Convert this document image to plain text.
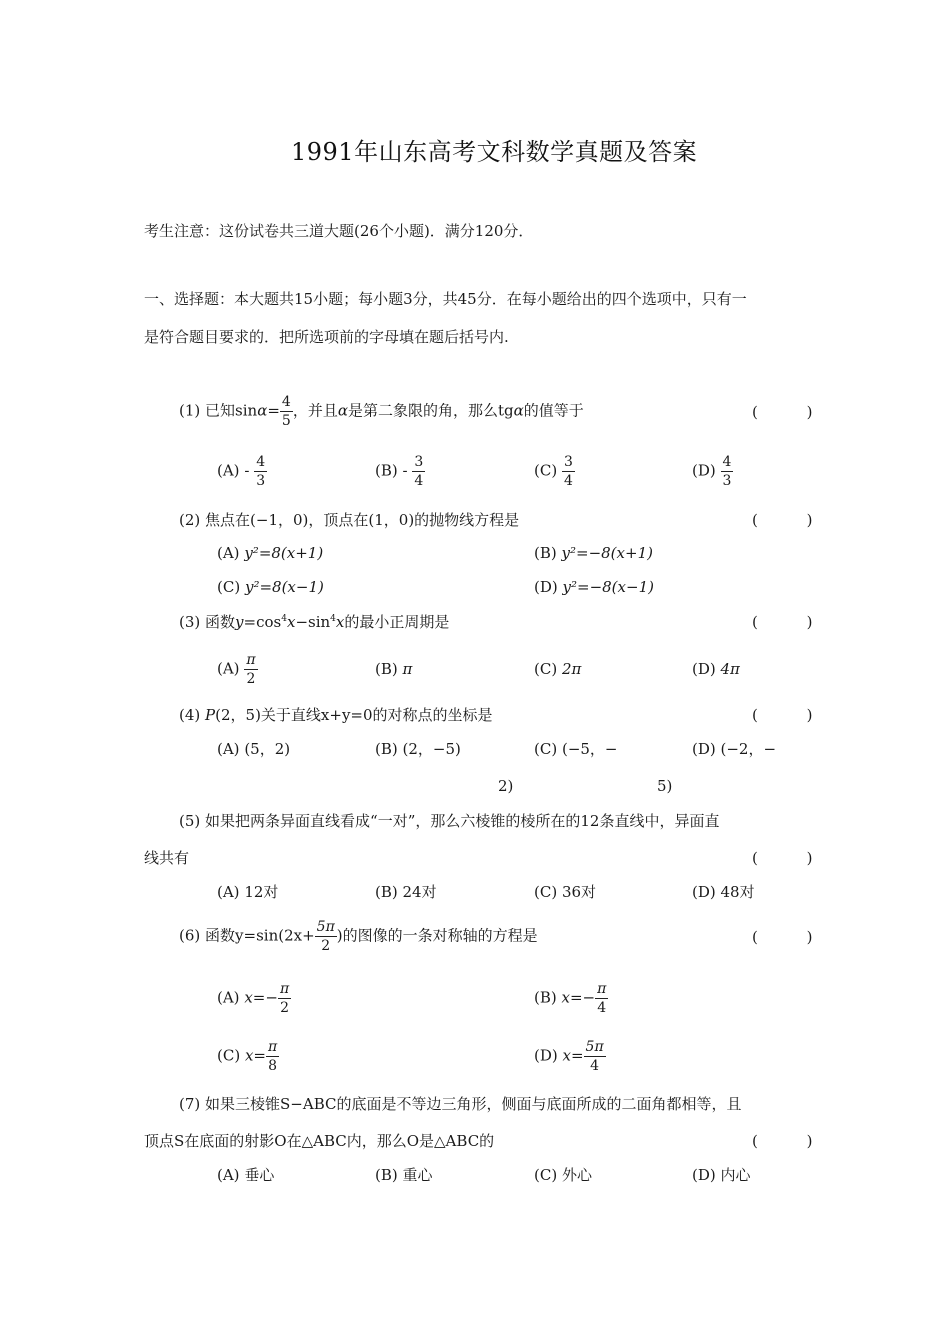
1991年山东高考文科数学真题及答案
考生注意：这份试卷共三道大题(26个小题)．满分120分．
一、选择题：本大题共15小题；每小题3分，共45分．在每小题给出的四个选项中，只有一
是符合题目要求的．把所选项前的字母填在题后括号内.
(1) 已知$\sin\alpha= \frac{4}{5}$ ，并且α是第二象限的角，那么tgα的值等于	( )
$(A) - \frac{4}{3}$	$(B) - \frac{3}{4}$	$(C) \frac{3}{4}$	$(D) \frac{4}{3}$
(2) 焦点在(−1，0)，顶点在(1，0)的抛物线方程是	( )
(A) y²=8(x+1)	(B) y²=−8(x+1)
(C) y²=8(x−1)	(D) y²=−8(x−1)
(3) 函数$y=\cos^4x-\sin^4x$的最小正周期是	( )
$(A) \frac{\pi}{2}$	(B) π	(C) 2π	(D) 4π
(4) P(2，5)关于直线x+y=0的对称点的坐标是	( )
(A) (5，2)	(B) (2，−5)	(C) (−5，−
2)
(D) (−2，−
5)
(5) 如果把两条异面直线看成“一对”，那么六棱锥的棱所在的12条直线中，异面直
线共有	( )
(A) 12对	(B) 24对	(C) 36对	(D) 48对
(6) 函数$y=\sin(2x+ \frac{5\pi}{2}$ )的图像的一条对称轴的方程是	( )
(A) $x=- \frac{\pi}{2}$	(B) $x=- \frac{\pi}{4}$
(C) $x= \frac{\pi}{8}$	(D) $x= \frac{5\pi}{4}$
(7) 如果三棱锥S−ABC的底面是不等边三角形，侧面与底面所成的二面角都相等，且
顶点S在底面的射影O在△ABC内，那么O是△ABC的	( )
(A) 垂心	(B) 重心	(C) 外心	(D) 内心
